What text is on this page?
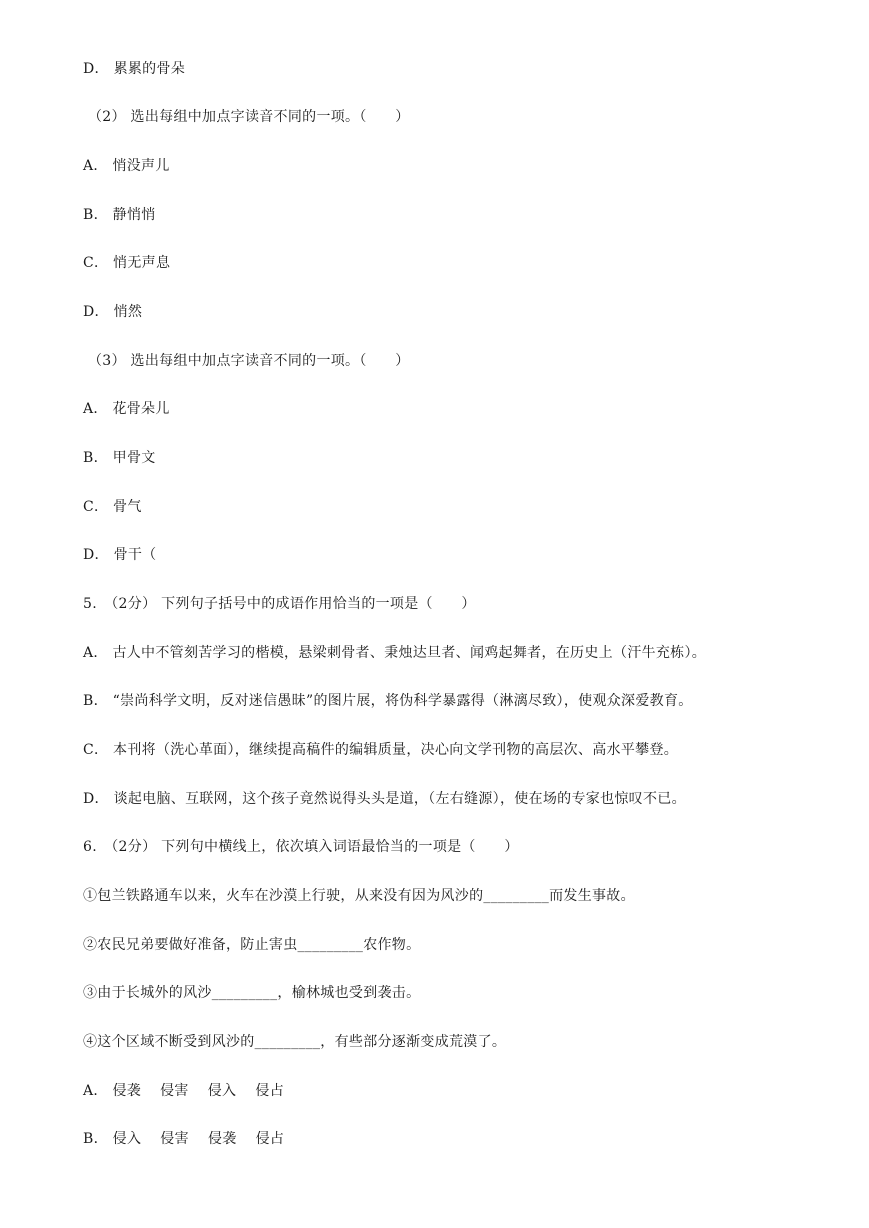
D． 累累的骨朵
（2） 选出每组中加点字读音不同的一项。（　　）
A． 悄没声儿
B． 静悄悄
C． 悄无声息
D． 悄然
（3） 选出每组中加点字读音不同的一项。（　　）
A． 花骨朵儿
B． 甲骨文
C． 骨气
D． 骨干（
5.　（2分） 下列句子括号中的成语作用恰当的一项是（　　）
A． 古人中不管刻苦学习的楷模，悬梁刺骨者、秉烛达旦者、闻鸡起舞者，在历史上（汗牛充栋）。
B． “崇尚科学文明，反对迷信愚昧”的图片展，将伪科学暴露得（淋漓尽致），使观众深爱教育。
C． 本刊将（洗心革面），继续提高稿件的编辑质量，决心向文学刊物的高层次、高水平攀登。
D． 谈起电脑、互联网，这个孩子竟然说得头头是道，（左右缝源），使在场的专家也惊叹不已。
6.　（2分） 下列句中横线上，依次填入词语最恰当的一项是（　　）
①包兰铁路通车以来，火车在沙漠上行驶，从来没有因为风沙的_________而发生事故。
②农民兄弟要做好准备，防止害虫_________农作物。
③由于长城外的风沙_________，榆林城也受到袭击。
④这个区域不断受到风沙的_________，有些部分逐渐变成荒漠了。
A． 侵袭　 侵害　 侵入　 侵占
B． 侵入　 侵害　 侵袭　 侵占
